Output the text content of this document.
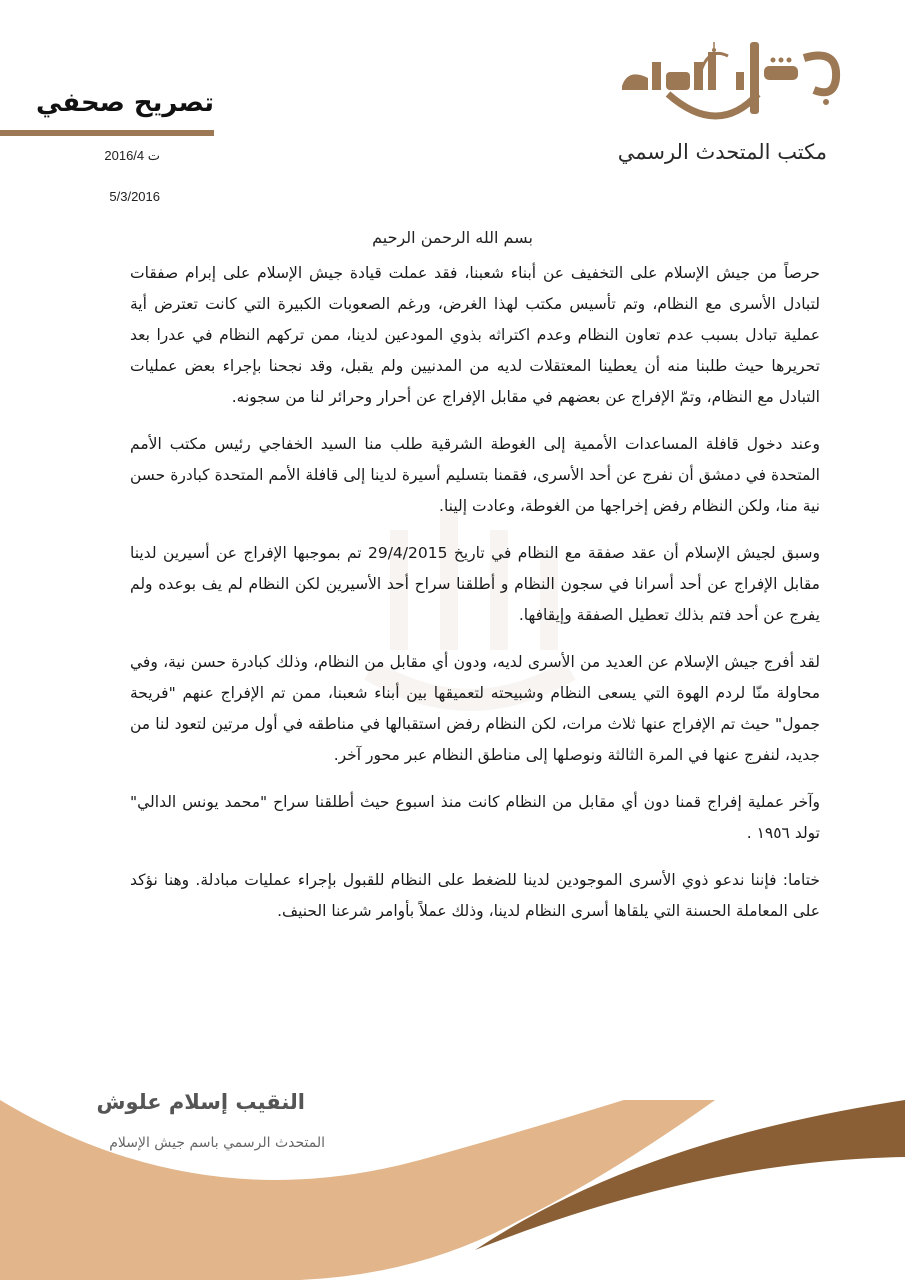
مكتب المتحدث الرسمي
تصريح صحفي
ت 2016/4
5/3/2016
بسم الله الرحمن الرحيم

حرصاً من جيش الإسلام على التخفيف عن أبناء شعبنا، فقد عملت قيادة جيش الإسلام على إبرام صفقات لتبادل الأسرى مع النظام، وتم تأسيس مكتب لهذا الغرض، ورغم الصعوبات الكبيرة التي كانت تعترض أية عملية تبادل بسبب عدم تعاون النظام وعدم اكتراثه بذوي المودعين لدينا، ممن تركهم النظام في عدرا بعد تحريرها حيث طلبنا منه أن يعطينا المعتقلات لديه من المدنيين ولم يقبل، وقد نجحنا بإجراء بعض عمليات التبادل مع النظام، وتمّ الإفراج عن بعضهم في مقابل الإفراج عن أحرار وحرائر لنا من سجونه.

وعند دخول قافلة المساعدات الأممية إلى الغوطة الشرقية طلب منا السيد الخفاجي رئيس مكتب الأمم المتحدة في دمشق أن نفرج عن أحد الأسرى، فقمنا بتسليم أسيرة لدينا إلى قافلة الأمم المتحدة كبادرة حسن نية منا، ولكن النظام رفض إخراجها من الغوطة، وعادت إلينا.

وسبق لجيش الإسلام أن عقد صفقة مع النظام في تاريخ 29/4/2015 تم بموجبها الإفراج عن أسيرين لدينا مقابل الإفراج عن أحد أسرانا في سجون النظام و أطلقنا سراح أحد الأسيرين لكن النظام لم يف بوعده ولم يفرج عن أحد فتم بذلك تعطيل الصفقة وإيقافها.

لقد أفرج جيش الإسلام عن العديد من الأسرى لديه، ودون أي مقابل من النظام، وذلك كبادرة حسن نية، وفي محاولة منّا لردم الهوة التي يسعى النظام وشبيحته لتعميقها بين أبناء شعبنا، ممن تم الإفراج عنهم "فريحة جمول" حيث تم الإفراج عنها ثلاث مرات، لكن النظام رفض استقبالها في مناطقه في أول مرتين لتعود لنا من جديد، لنفرج عنها في المرة الثالثة ونوصلها إلى مناطق النظام عبر محور آخر.

وآخر عملية إفراج قمنا دون أي مقابل من النظام كانت منذ اسبوع حيث أطلقنا سراح "محمد يونس الدالي" تولد ١٩٥٦ .

ختاما: فإننا ندعو ذوي الأسرى الموجودين لدينا للضغط على النظام للقبول بإجراء عمليات مبادلة. وهنا نؤكد على المعاملة الحسنة التي يلقاها أسرى النظام لدينا، وذلك عملاً بأوامر شرعنا الحنيف.

النقيب إسلام علوش
المتحدث الرسمي باسم جيش الإسلام
